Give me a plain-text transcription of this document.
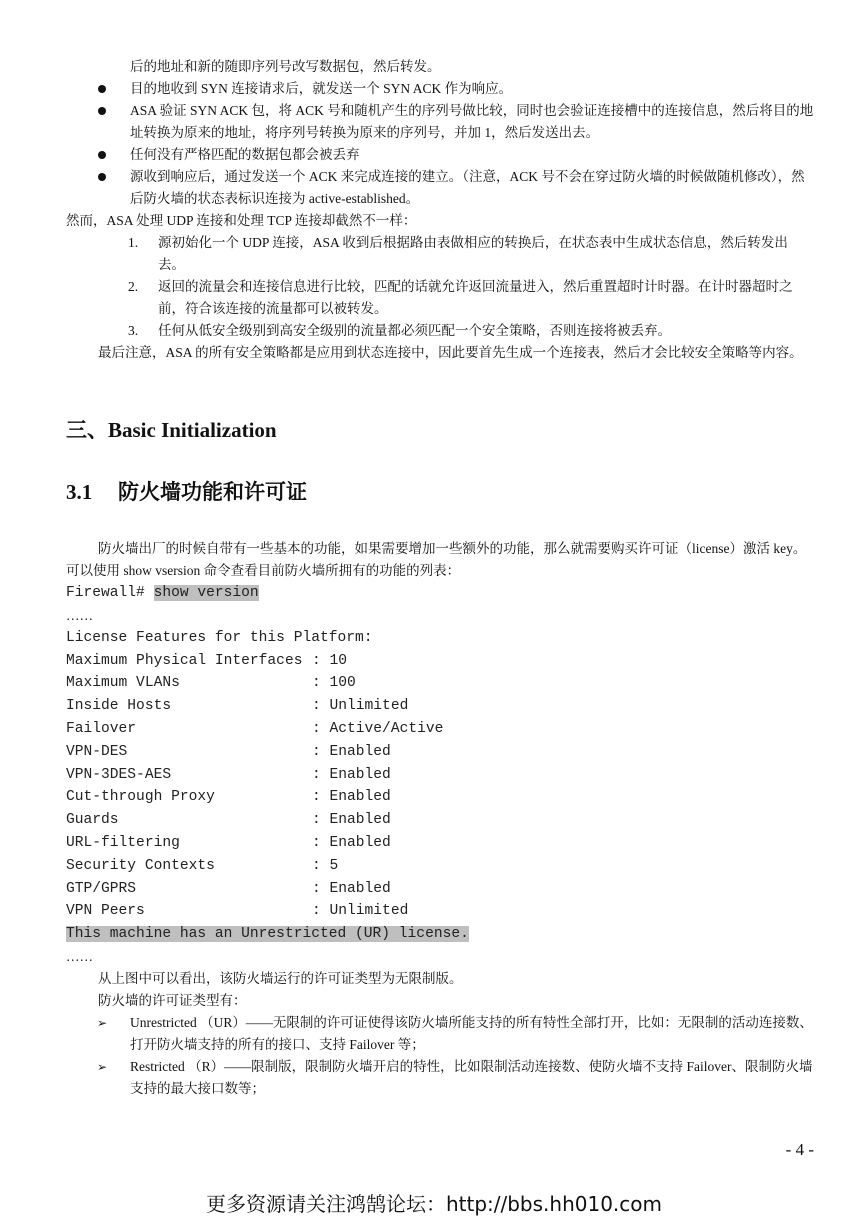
后的地址和新的随即序列号改写数据包，然后转发。
目的地收到 SYN 连接请求后，就发送一个 SYN ACK 作为响应。
ASA 验证 SYN ACK 包，将 ACK 号和随机产生的序列号做比较，同时也会验证连接槽中的连接信息，然后将目的地址转换为原来的地址，将序列号转换为原来的序列号，并加 1，然后发送出去。
任何没有严格匹配的数据包都会被丢弃
源收到响应后，通过发送一个 ACK 来完成连接的建立。（注意，ACK 号不会在穿过防火墙的时候做随机修改），然后防火墙的状态表标识连接为 active-established。
然而，ASA 处理 UDP 连接和处理 TCP 连接却截然不一样：
1. 源初始化一个 UDP 连接，ASA 收到后根据路由表做相应的转换后，在状态表中生成状态信息，然后转发出去。
2. 返回的流量会和连接信息进行比较，匹配的话就允许返回流量进入，然后重置超时计时器。在计时器超时之前，符合该连接的流量都可以被转发。
3. 任何从低安全级别到高安全级别的流量都必须匹配一个安全策略，否则连接将被丢弃。
最后注意，ASA 的所有安全策略都是应用到状态连接中，因此要首先生成一个连接表，然后才会比较安全策略等内容。
三、Basic Initialization
3.1 防火墙功能和许可证
防火墙出厂的时候自带有一些基本的功能，如果需要增加一些额外的功能，那么就需要购买许可证（license）激活 key。可以使用 show vsersion 命令查看目前防火墙所拥有的功能的列表：
Firewall# show version
……
License Features for this Platform:
Maximum Physical Interfaces : 10
Maximum VLANs	: 100
Inside Hosts	: Unlimited
Failover	: Active/Active
VPN-DES	: Enabled
VPN-3DES-AES	: Enabled
Cut-through Proxy	: Enabled
Guards	: Enabled
URL-filtering	: Enabled
Security Contexts	: 5
GTP/GPRS	: Enabled
VPN Peers	: Unlimited
This machine has an Unrestricted (UR) license.
……
从上图中可以看出，该防火墙运行的许可证类型为无限制版。
防火墙的许可证类型有：
➢ Unrestricted （UR）——无限制的许可证使得该防火墙所能支持的所有特性全部打开，比如：无限制的活动连接数、打开防火墙支持的所有的接口、支持 Failover 等；
➢ Restricted （R）——限制版，限制防火墙开启的特性，比如限制活动连接数、使防火墙不支持 Failover、限制防火墙支持的最大接口数等；
- 4 -
更多资源请关注鸿鹄论坛：http://bbs.hh010.com
